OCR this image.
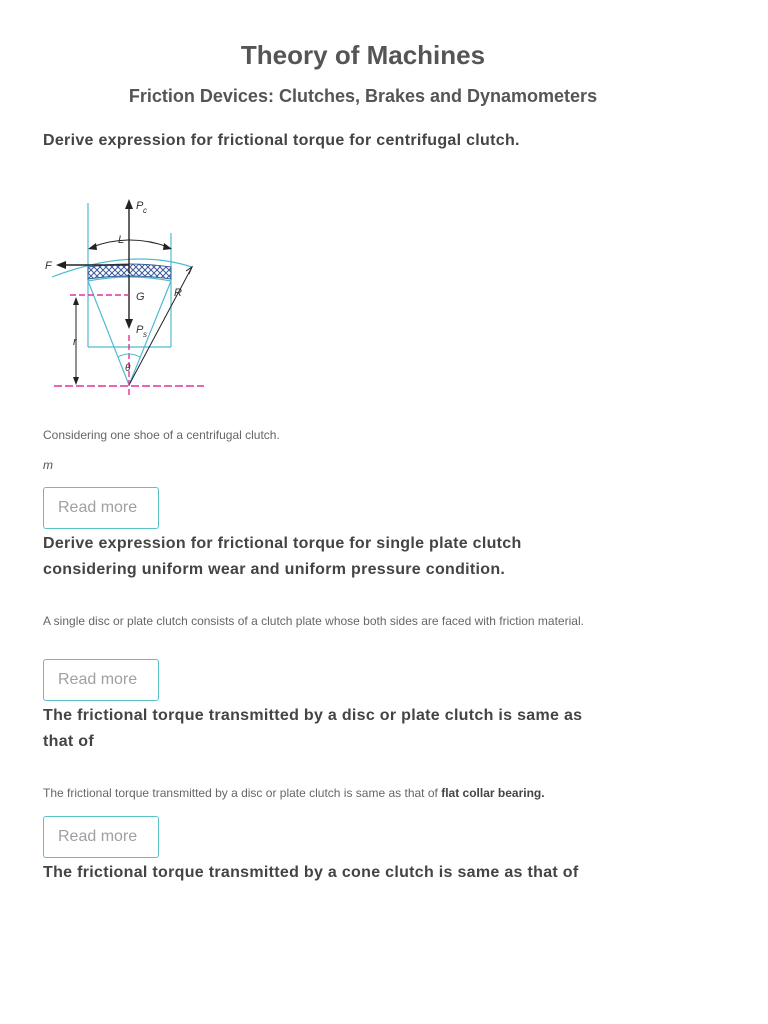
Theory of Machines
Friction Devices: Clutches, Brakes and Dynamometers
Derive expression for frictional torque for centrifugal clutch.
P c
L
F
G	R
P s
r
θ

Considering one shoe of a centrifugal clutch.

m
Read more
Derive expression for frictional torque for single plate clutch considering uniform wear and uniform pressure condition.

A single disc or plate clutch consists of a clutch plate whose both sides are faced with friction material.

Read more
The frictional torque transmitted by a disc or plate clutch is same as that of

The frictional torque transmitted by a disc or plate clutch is same as that of flat collar bearing.

Read more
The frictional torque transmitted by a cone clutch is same as that of
